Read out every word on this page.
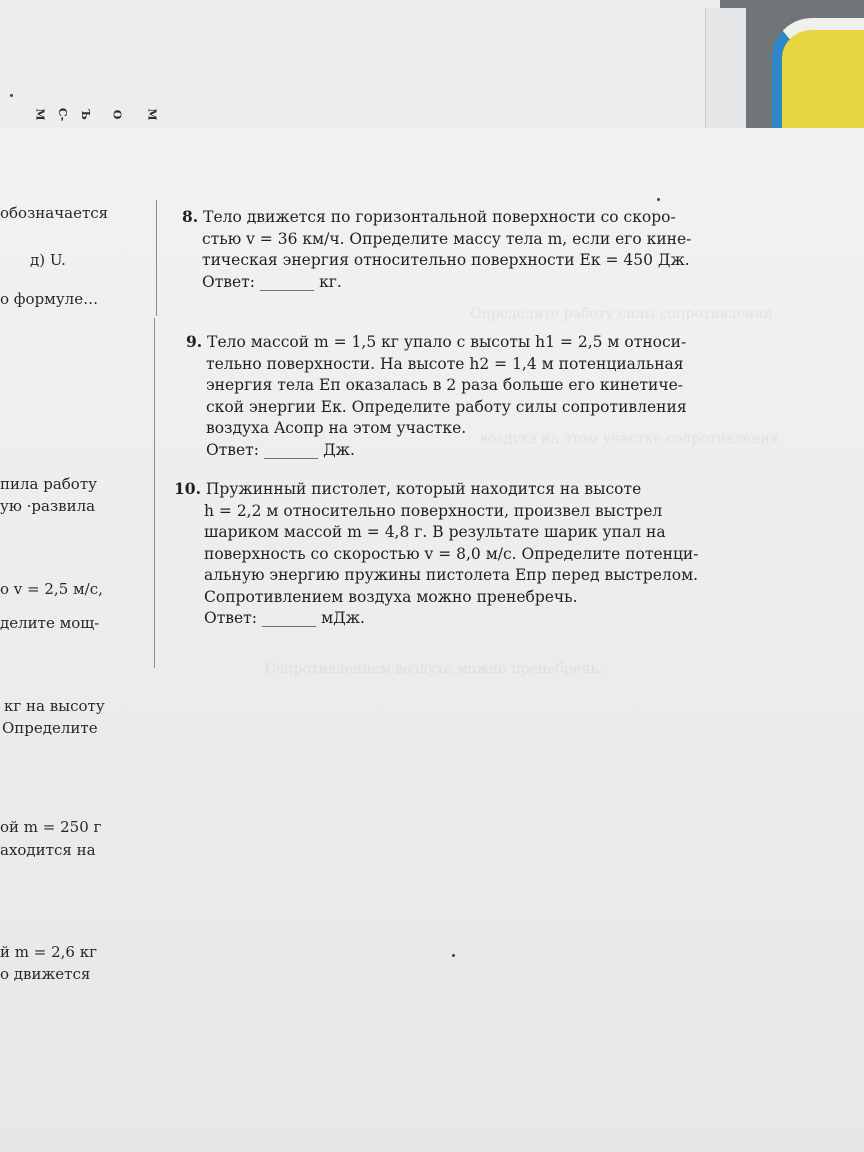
М С- Ъ О М
Определите работу силы сопротивления
воздуха на этом участке сопротивления
Сопротивлением воздуха можно пренебречь.
обозначается
д) U.
о формуле…
пила работу
ую ·развила
о v = 2,5 м/с,
делите мощ-
кг на высоту
Определите
ой m = 250 г
аходится на
й m = 2,6 кг
о движется
8. Тело движется по горизонтальной поверхности со скоро-
стью v = 36 км/ч. Определите массу тела m, если его кине-
тическая энергия относительно поверхности Eк = 450 Дж.
Ответ: _______ кг.
9. Тело массой m = 1,5 кг упало с высоты h1 = 2,5 м относи-
тельно поверхности. На высоте h2 = 1,4 м потенциальная
энергия тела Eп оказалась в 2 раза больше его кинетиче-
ской энергии Eк. Определите работу силы сопротивления
воздуха Aсопр на этом участке.
Ответ: _______ Дж.
10. Пружинный пистолет, который находится на высоте
h = 2,2 м относительно поверхности, произвел выстрел
шариком массой m = 4,8 г. В результате шарик упал на
поверхность со скоростью v = 8,0 м/с. Определите потенци-
альную энергию пружины пистолета Eпр перед выстрелом.
Сопротивлением воздуха можно пренебречь.
Ответ: _______ мДж.
